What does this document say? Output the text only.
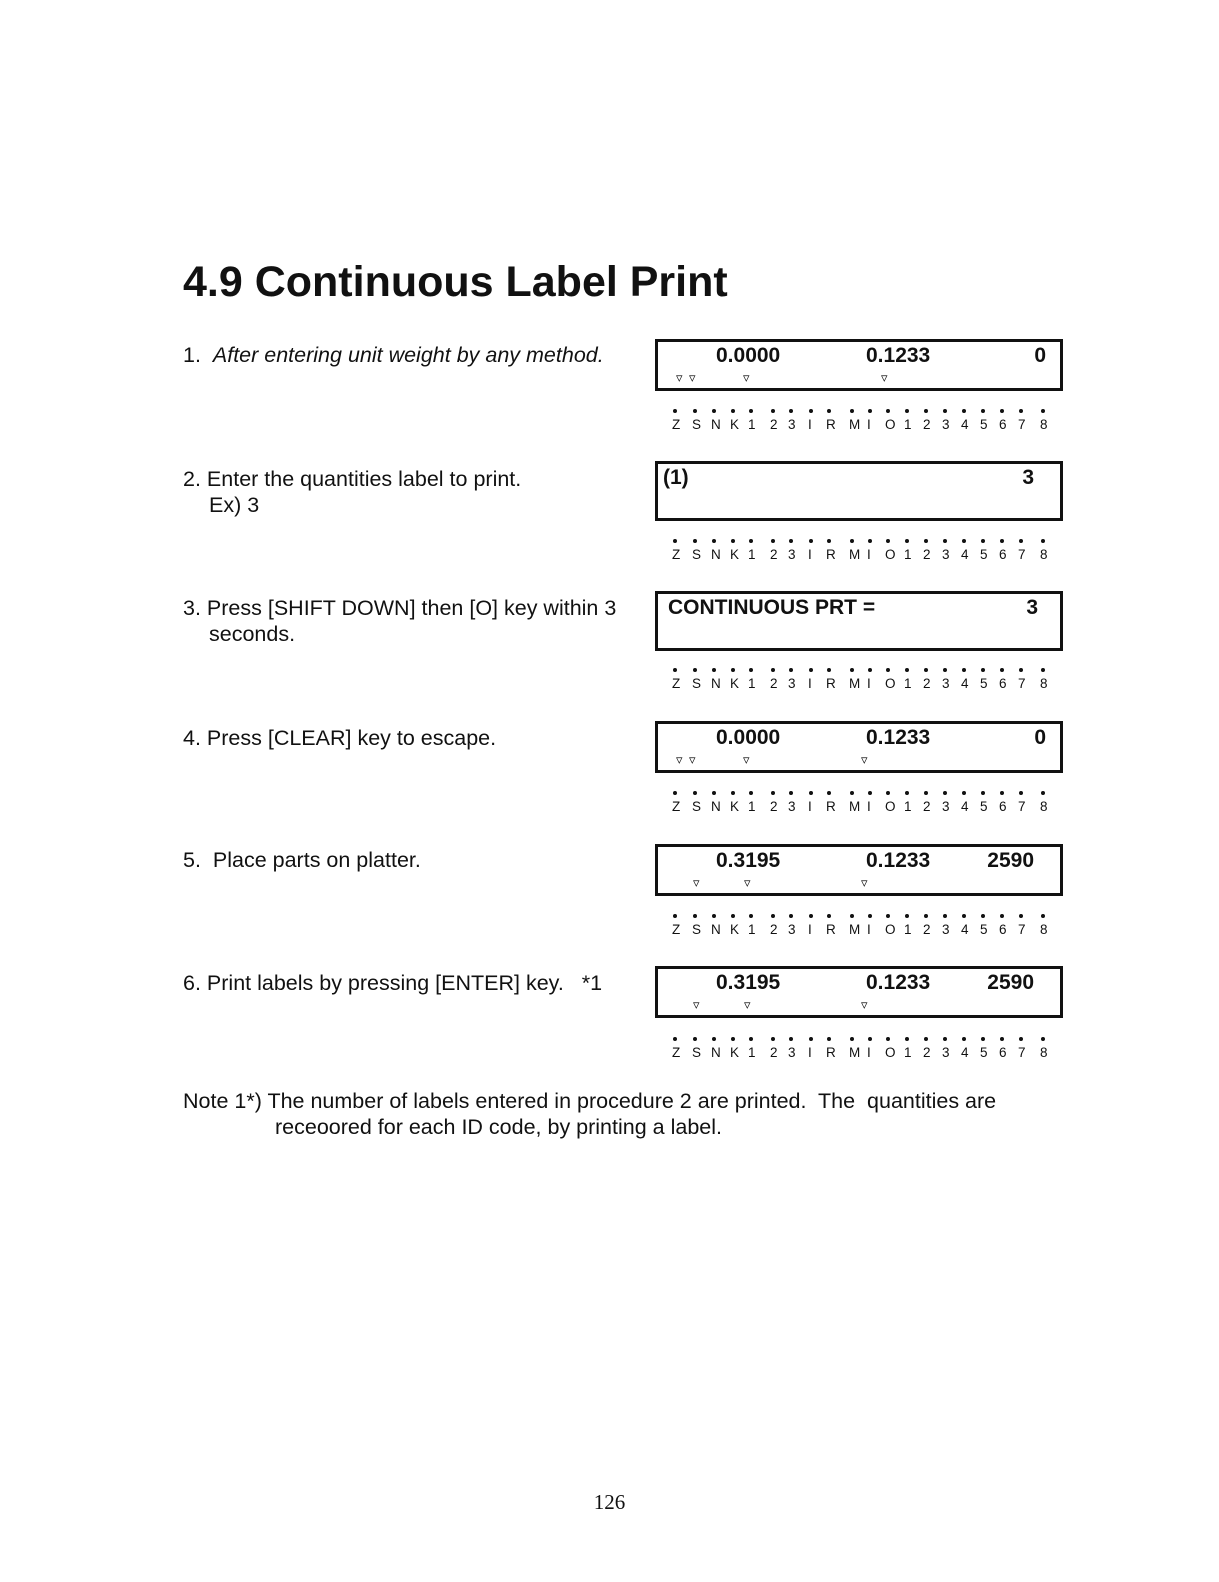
4.9 Continuous Label Print
1. After entering unit weight by any method.
2. Enter the quantities label to print.
Ex) 3
3. Press [SHIFT DOWN] then [O] key within 3
seconds.
4. Press [CLEAR] key to escape.
5. Place parts on platter.
6. Print labels by pressing [ENTER] key.   *1
0.0000	0.1233	0
▿ ▿	▿	▿
(1)	3
CONTINUOUS PRT =	3
0.0000	0.1233	0
▿ ▿	▿	▿
0.3195	0.1233	2590
▿	▿	▿
0.3195	0.1233	2590
▿	▿	▿
Z S N K 1 2 3 I R M I O 1 2 3 4 5 6 7 8
Z S N K 1 2 3 I R M I O 1 2 3 4 5 6 7 8
Z S N K 1 2 3 I R M I O 1 2 3 4 5 6 7 8
Z S N K 1 2 3 I R M I O 1 2 3 4 5 6 7 8
Z S N K 1 2 3 I R M I O 1 2 3 4 5 6 7 8
Z S N K 1 2 3 I R M I O 1 2 3 4 5 6 7 8
Note 1*) The number of labels entered in procedure 2 are printed.  The  quantities are
receoored for each ID code, by printing a label.
126
